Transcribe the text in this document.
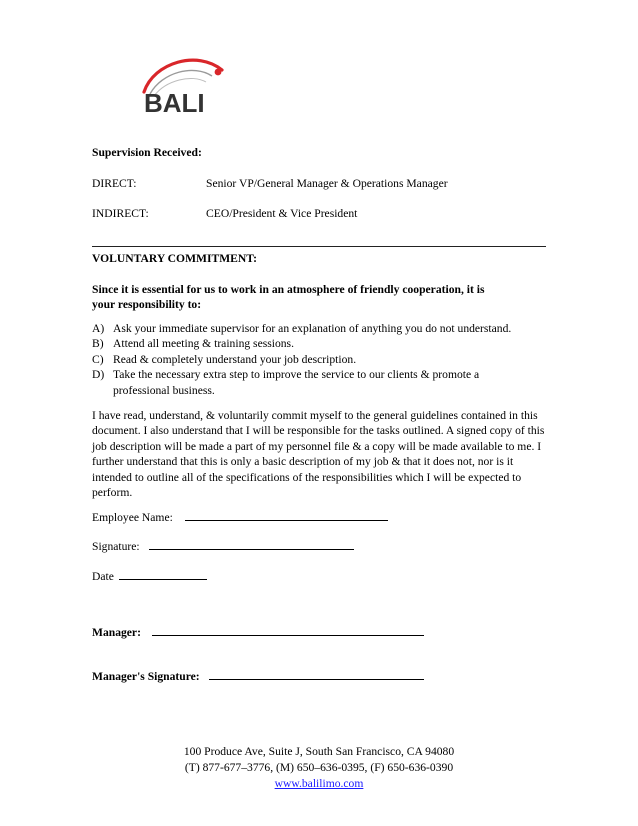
BALI
Supervision Received:
DIRECT:	Senior VP/General Manager & Operations Manager
INDIRECT:	CEO/President & Vice President
VOLUNTARY COMMITMENT:
Since it is essential for us to work in an atmosphere of friendly cooperation, it is
your responsibility to:
A) Ask your immediate supervisor for an explanation of anything you do not understand.
B) Attend all meeting & training sessions.
C) Read & completely understand your job description.
D) Take the necessary extra step to improve the service to our clients & promote a professional business.
I have read, understand, & voluntarily commit myself to the general guidelines contained in this document. I also understand that I will be responsible for the tasks outlined. A signed copy of this job description will be made a part of my personnel file & a copy will be made available to me. I further understand that this is only a basic description of my job & that it does not, nor is it intended to outline all of the specifications of the responsibilities which I will be expected to perform.
Employee Name:
Signature:
Date
Manager:
Manager's Signature:
100 Produce Ave, Suite J, South San Francisco, CA 94080
(T) 877-677–3776, (M) 650–636-0395, (F) 650-636-0390
www.balilimo.com
